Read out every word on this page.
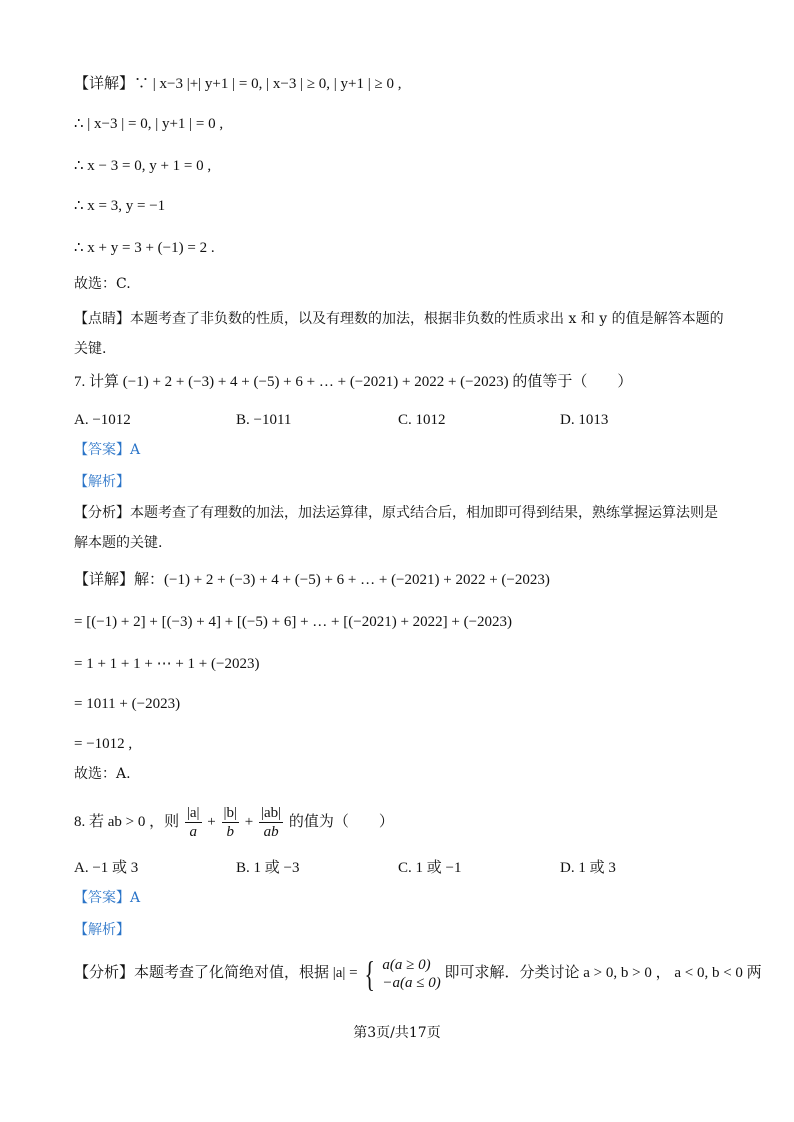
【详解】∵ | x−3 |+| y+1 | = 0, | x−3 | ≥ 0, | y+1 | ≥ 0 ,
∴ | x−3 | = 0, | y+1 | = 0 ,
∴ x − 3 = 0, y + 1 = 0 ,
∴ x = 3, y = −1
∴ x + y = 3 + (−1) = 2 .
故选：C.
【点睛】本题考查了非负数的性质，以及有理数的加法，根据非负数的性质求出 x 和 y 的值是解答本题的关键.
7. 计算 (−1) + 2 + (−3) + 4 + (−5) + 6 + … + (−2021) + 2022 + (−2023) 的值等于（　　）
A. −1012	B. −1011	C. 1012	D. 1013
【答案】A
【解析】
【分析】本题考查了有理数的加法，加法运算律，原式结合后，相加即可得到结果，熟练掌握运算法则是解本题的关键.
【详解】解：(−1) + 2 + (−3) + 4 + (−5) + 6 + … + (−2021) + 2022 + (−2023)
= [(−1) + 2] + [(−3) + 4] + [(−5) + 6] + … + [(−2021) + 2022] + (−2023)
= 1 + 1 + 1 + ⋯ + 1 + (−2023)
= 1011 + (−2023)
= −1012 ,
故选：A.
8. 若 ab > 0 ，则 $\frac{|a|}{a} + \frac{|b|}{b} + \frac{|ab|}{ab}$ 的值为（　　）
A. −1 或 3	B. 1 或 −3	C. 1 或 −1	D. 1 或 3
【答案】A
【解析】
【分析】本题考查了化简绝对值，根据 |a| = { a(a ≥ 0)
−a(a ≤ 0)
即可求解．分类讨论 a > 0, b > 0 ， a < 0, b < 0 两
第3页/共17页
